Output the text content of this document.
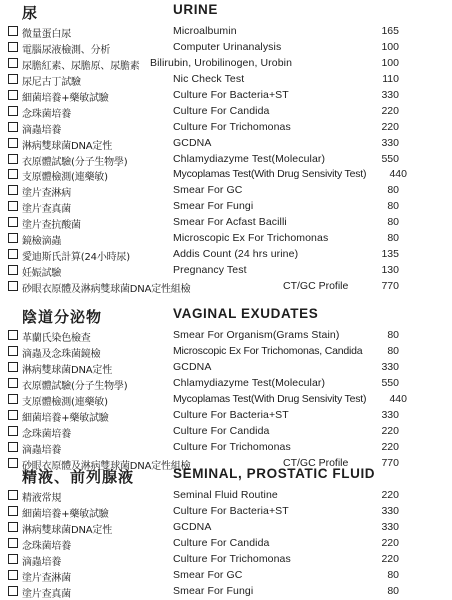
尿	URINE
微量蛋白尿	Microalbumin	165
電腦尿液檢測、分析	Computer Urinanalysis	100
尿膽紅素、尿膽原、尿膽素 Bilirubin, Urobilinogen, Urobin	100
尿尼古丁試驗	Nic Check Test	110
細菌培養+藥敏試驗	Culture For Bacteria+ST	330
念珠菌培養	Culture For Candida	220
滴蟲培養	Culture For Trichomonas	220
淋病雙球菌DNA定性	GCDNA	330
衣原體試驗(分子生物學)	Chlamydiazyme Test(Molecular)	550
支原體檢測(連藥敏)	Mycoplamas Test(With Drug Sensivity Test) 440
塗片查淋病	Smear For GC	80
塗片查真菌	Smear For Fungi	80
塗片查抗酸菌	Smear For Acfast Bacilli	80
鏡檢滴蟲	Microscopic Ex For Trichomonas	80
愛迪斯氏計算(24小時尿)	Addis Count (24 hrs urine)	135
妊娠試驗	Pregnancy Test	130
砂眼衣原體及淋病雙球菌DNA定性組檢	CT/GC Profile	770
陰道分泌物	VAGINAL EXUDATES
革蘭氏染色檢查	Smear For Organism(Grams Stain)	80
滴蟲及念珠菌鏡檢	Microscopic Ex For Trichomonas, Candida 80
淋病雙球菌DNA定性	GCDNA	330
衣原體試驗(分子生物學)	Chlamydiazyme Test(Molecular)	550
支原體檢測(連藥敏)	Mycoplamas Test(With Drug Sensivity Test) 440
細菌培養+藥敏試驗	Culture For Bacteria+ST	330
念珠菌培養	Culture For Candida	220
滴蟲培養	Culture For Trichomonas	220
砂眼衣原體及淋病雙球菌DNA定性組檢	CT/GC Profile	770
精液、前列腺液	SEMINAL, PROSTATIC FLUID
精液常規	Seminal Fluid Routine	220
細菌培養+藥敏試驗	Culture For Bacteria+ST	330
淋病雙球菌DNA定性	GCDNA	330
念珠菌培養	Culture For Candida	220
滴蟲培養	Culture For Trichomonas	220
塗片查淋菌	Smear For GC	80
塗片查真菌	Smear For Fungi	80
